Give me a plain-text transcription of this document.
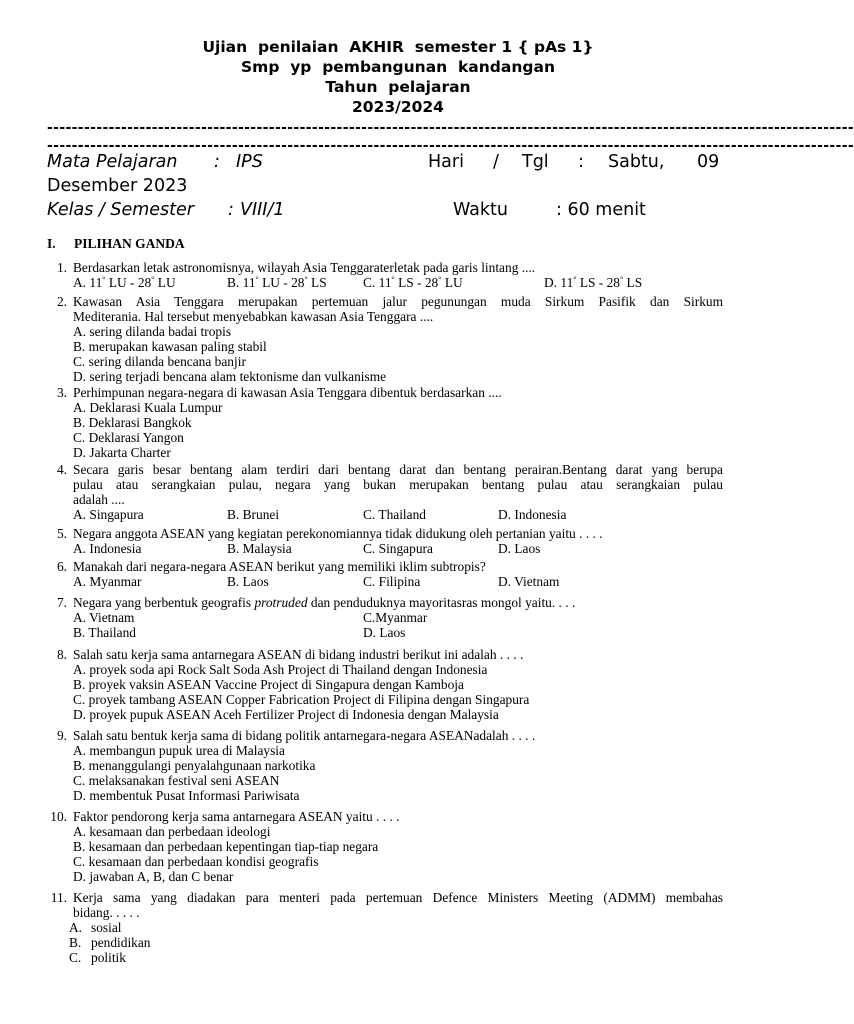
Ujian  penilaian  AKHIR  semester 1 { pAs 1}
Smp  yp  pembangunan  kandangan
Tahun  pelajaran
2023/2024
-----------------------------------------------------------------------------------------------------------------------------------
-----------------------------------------------------------------------------------------------------------------------------------
Mata Pelajaran : IPS	Hari / Tgl : Sabtu, 09
Desember 2023
Kelas / Semester : VIII/1	Waktu	: 60 menit
I. PILIHAN GANDA
1. Berdasarkan letak astronomisnya, wilayah Asia Tenggaraterletak pada garis lintang ....
A. 11° LU - 28° LU	B. 11° LU - 28° LS	C. 11° LS - 28° LU	D. 11° LS - 28° LS
2. Kawasan Asia Tenggara merupakan pertemuan jalur pegunungan muda Sirkum Pasifik dan Sirkum
Mediterania. Hal tersebut menyebabkan kawasan Asia Tenggara ....
A. sering dilanda badai tropis
B. merupakan kawasan paling stabil
C. sering dilanda bencana banjir
D. sering terjadi bencana alam tektonisme dan vulkanisme
3. Perhimpunan negara-negara di kawasan Asia Tenggara dibentuk berdasarkan ....
A. Deklarasi Kuala Lumpur
B. Deklarasi Bangkok
C. Deklarasi Yangon
D. Jakarta Charter
4. Secara garis besar bentang alam terdiri dari bentang darat dan bentang perairan.Bentang darat yang berupa
pulau atau serangkaian pulau, negara yang bukan merupakan bentang pulau atau serangkaian pulau
adalah ....
A. Singapura	B. Brunei	C. Thailand	D. Indonesia
5. Negara anggota ASEAN yang kegiatan perekonomiannya tidak didukung oleh pertanian yaitu . . . .
A. Indonesia	B. Malaysia	C. Singapura	D. Laos
6. Manakah dari negara-negara ASEAN berikut yang memiliki iklim subtropis?
A. Myanmar	B. Laos	C. Filipina	D. Vietnam
7. Negara yang berbentuk geografis protruded dan penduduknya mayoritasras mongol yaitu. . . .
A. Vietnam	C.Myanmar
B. Thailand	D. Laos
8. Salah satu kerja sama antarnegara ASEAN di bidang industri berikut ini adalah . . . .
A. proyek soda api Rock Salt Soda Ash Project di Thailand dengan Indonesia
B. proyek vaksin ASEAN Vaccine Project di Singapura dengan Kamboja
C. proyek tambang ASEAN Copper Fabrication Project di Filipina dengan Singapura
D. proyek pupuk ASEAN Aceh Fertilizer Project di Indonesia dengan Malaysia
9. Salah satu bentuk kerja sama di bidang politik antarnegara-negara ASEANadalah . . . .
A. membangun pupuk urea di Malaysia
B. menanggulangi penyalahgunaan narkotika
C. melaksanakan festival seni ASEAN
D. membentuk Pusat Informasi Pariwisata
10. Faktor pendorong kerja sama antarnegara ASEAN yaitu . . . .
A. kesamaan dan perbedaan ideologi
B. kesamaan dan perbedaan kepentingan tiap-tiap negara
C. kesamaan dan perbedaan kondisi geografis
D. jawaban A, B, dan C benar
11. Kerja sama yang diadakan para menteri pada pertemuan Defence Ministers Meeting (ADMM) membahas
bidang. . . . .
A. sosial
B. pendidikan
C. politik
